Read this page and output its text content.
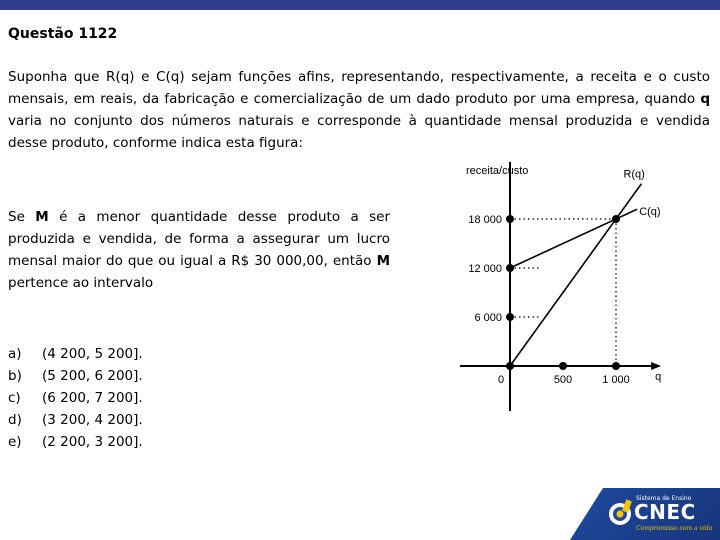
Questão 1122
Suponha que R(q) e C(q) sejam funções afins, representando, respectivamente, a receita e o custo mensais, em reais, da fabricação e comercialização de um dado produto por uma empresa, quando q varia no conjunto dos números naturais e corresponde à quantidade mensal produzida e vendida desse produto, conforme indica esta figura:
Se M é a menor quantidade desse produto a ser produzida e vendida, de forma a assegurar um lucro mensal maior do que ou igual a R$ 30 000,00, então M pertence ao intervalo
a)	(4 200, 5 200].
b)	(5 200, 6 200].
c)	(6 200, 7 200].
d)	(3 200, 4 200].
e)	(2 200, 3 200].
receita/custo
q
R(q)
C(q)
6 000
12 000
18 000
0	500	1 000
Sistema de Ensino
CNEC
Compromisso com a vida
